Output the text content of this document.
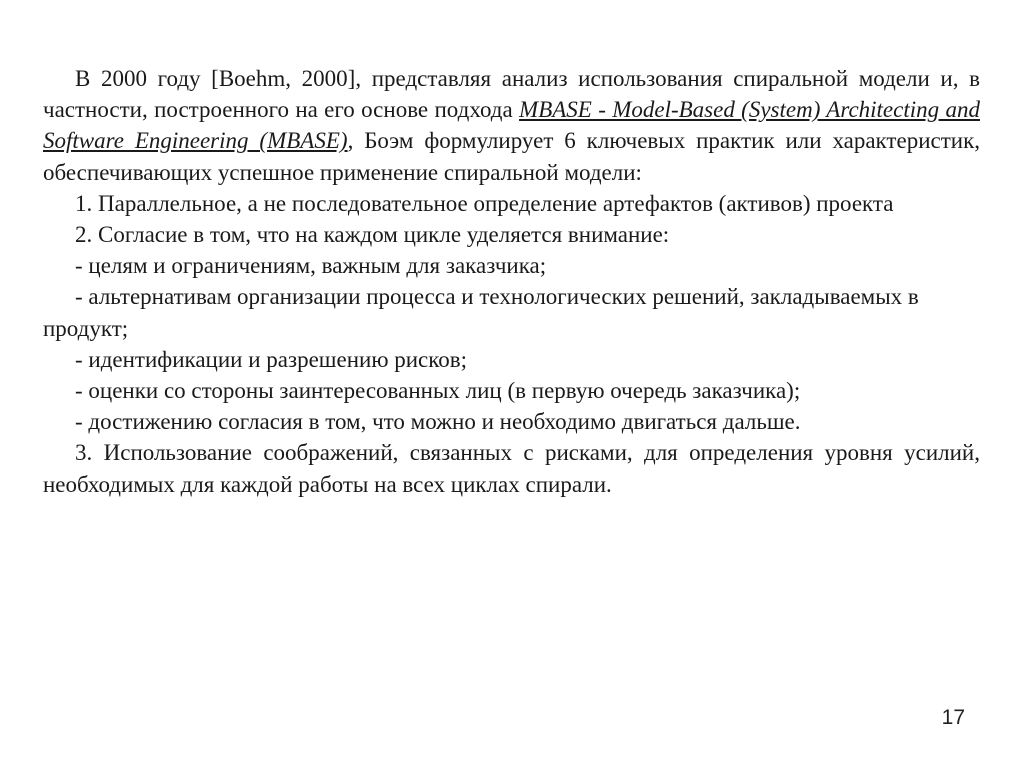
В 2000 году [Boehm, 2000], представляя анализ использования спиральной модели и, в частности, построенного на его основе подхода MBASE - Model-Based (System) Architecting and Software Engineering (MBASE), Боэм формулирует 6 ключевых практик или характеристик, обеспечивающих успешное применение спиральной модели:

1. Параллельное, а не последовательное определение артефактов (активов) проекта

2. Согласие в том, что на каждом цикле уделяется внимание:

- целям и ограничениям, важным для заказчика;

- альтернативам организации процесса и технологических решений, закладываемых в продукт;

- идентификации и разрешению рисков;

- оценки со стороны заинтересованных лиц (в первую очередь заказчика);

- достижению согласия в том, что можно и необходимо двигаться дальше.

3. Использование соображений, связанных с рисками, для определения уровня усилий, необходимых для каждой работы на всех циклах спирали.

17
